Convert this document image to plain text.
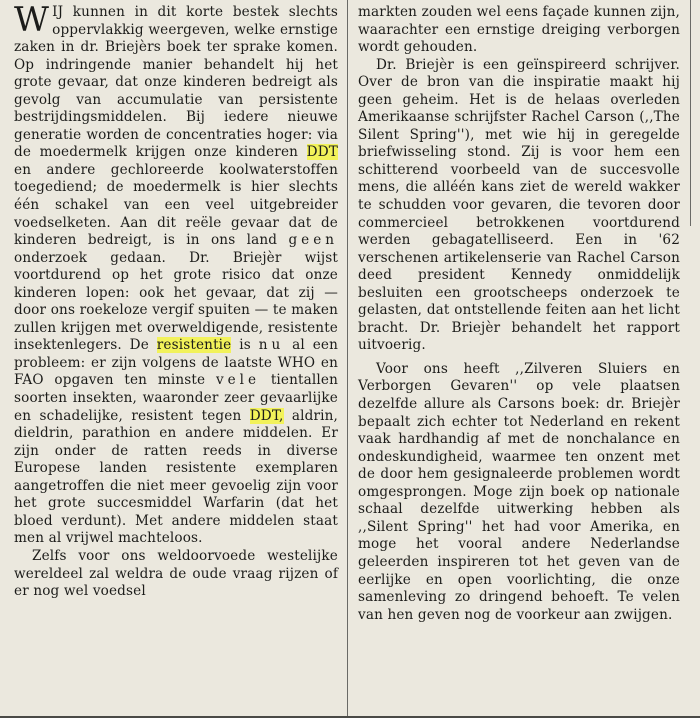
WIJ kunnen in dit korte bestek slechts oppervlakkig weergeven, welke ernstige zaken in dr. Briejèrs boek ter sprake komen. Op indringende manier behandelt hij het grote gevaar, dat onze kinderen bedreigt als gevolg van accumulatie van persistente bestrijdingsmiddelen. Bij iedere nieuwe generatie worden de concentraties hoger: via de moedermelk krijgen onze kinderen DDT en andere gechloreerde koolwaterstoffen toegediend; de moedermelk is hier slechts één schakel van een veel uitgebreider voedselketen. Aan dit reële gevaar dat de kinderen bedreigt, is in ons land geen onderzoek gedaan. Dr. Briejèr wijst voortdurend op het grote risico dat onze kinderen lopen: ook het gevaar, dat zij — door ons roekeloze vergif spuiten — te maken zullen krijgen met overweldigende, resistente insektenlegers. De resistentie is nu al een probleem: er zijn volgens de laatste WHO en FAO opgaven ten minste vele tientallen soorten insekten, waaronder zeer gevaarlijke en schadelijke, resistent tegen DDT, aldrin, dieldrin, parathion en andere middelen. Er zijn onder de ratten reeds in diverse Europese landen resistente exemplaren aangetroffen die niet meer gevoelig zijn voor het grote succesmiddel Warfarin (dat het bloed verdunt). Met andere middelen staat men al vrijwel machteloos.

Zelfs voor ons weldoorvoede westelijke wereldeel zal weldra de oude vraag rijzen of er nog wel voedsel

markten zouden wel eens façade kunnen zijn, waarachter een ernstige dreiging verborgen wordt gehouden.

Dr. Briejèr is een geïnspireerd schrijver. Over de bron van die inspiratie maakt hij geen geheim. Het is de helaas overleden Amerikaanse schrijfster Rachel Carson (,,The Silent Spring''), met wie hij in geregelde briefwisseling stond. Zij is voor hem een schitterend voorbeeld van de succesvolle mens, die alléén kans ziet de wereld wakker te schudden voor gevaren, die tevoren door commercieel betrokkenen voortdurend werden gebagatelliseerd. Een in '62 verschenen artikelenserie van Rachel Carson deed president Kennedy onmiddelijk besluiten een grootscheeps onderzoek te gelasten, dat ontstellende feiten aan het licht bracht. Dr. Briejèr behandelt het rapport uitvoerig.

Voor ons heeft ,,Zilveren Sluiers en Verborgen Gevaren'' op vele plaatsen dezelfde allure als Carsons boek: dr. Briejèr bepaalt zich echter tot Nederland en rekent vaak hardhandig af met de nonchalance en ondeskundigheid, waarmee ten onzent met de door hem gesignaleerde problemen wordt omgesprongen. Moge zijn boek op nationale schaal dezelfde uitwerking hebben als ,,Silent Spring'' het had voor Amerika, en moge het vooral andere Nederlandse geleerden inspireren tot het geven van de eerlijke en open voorlichting, die onze samenleving zo dringend behoeft. Te velen van hen geven nog de voorkeur aan zwijgen.
